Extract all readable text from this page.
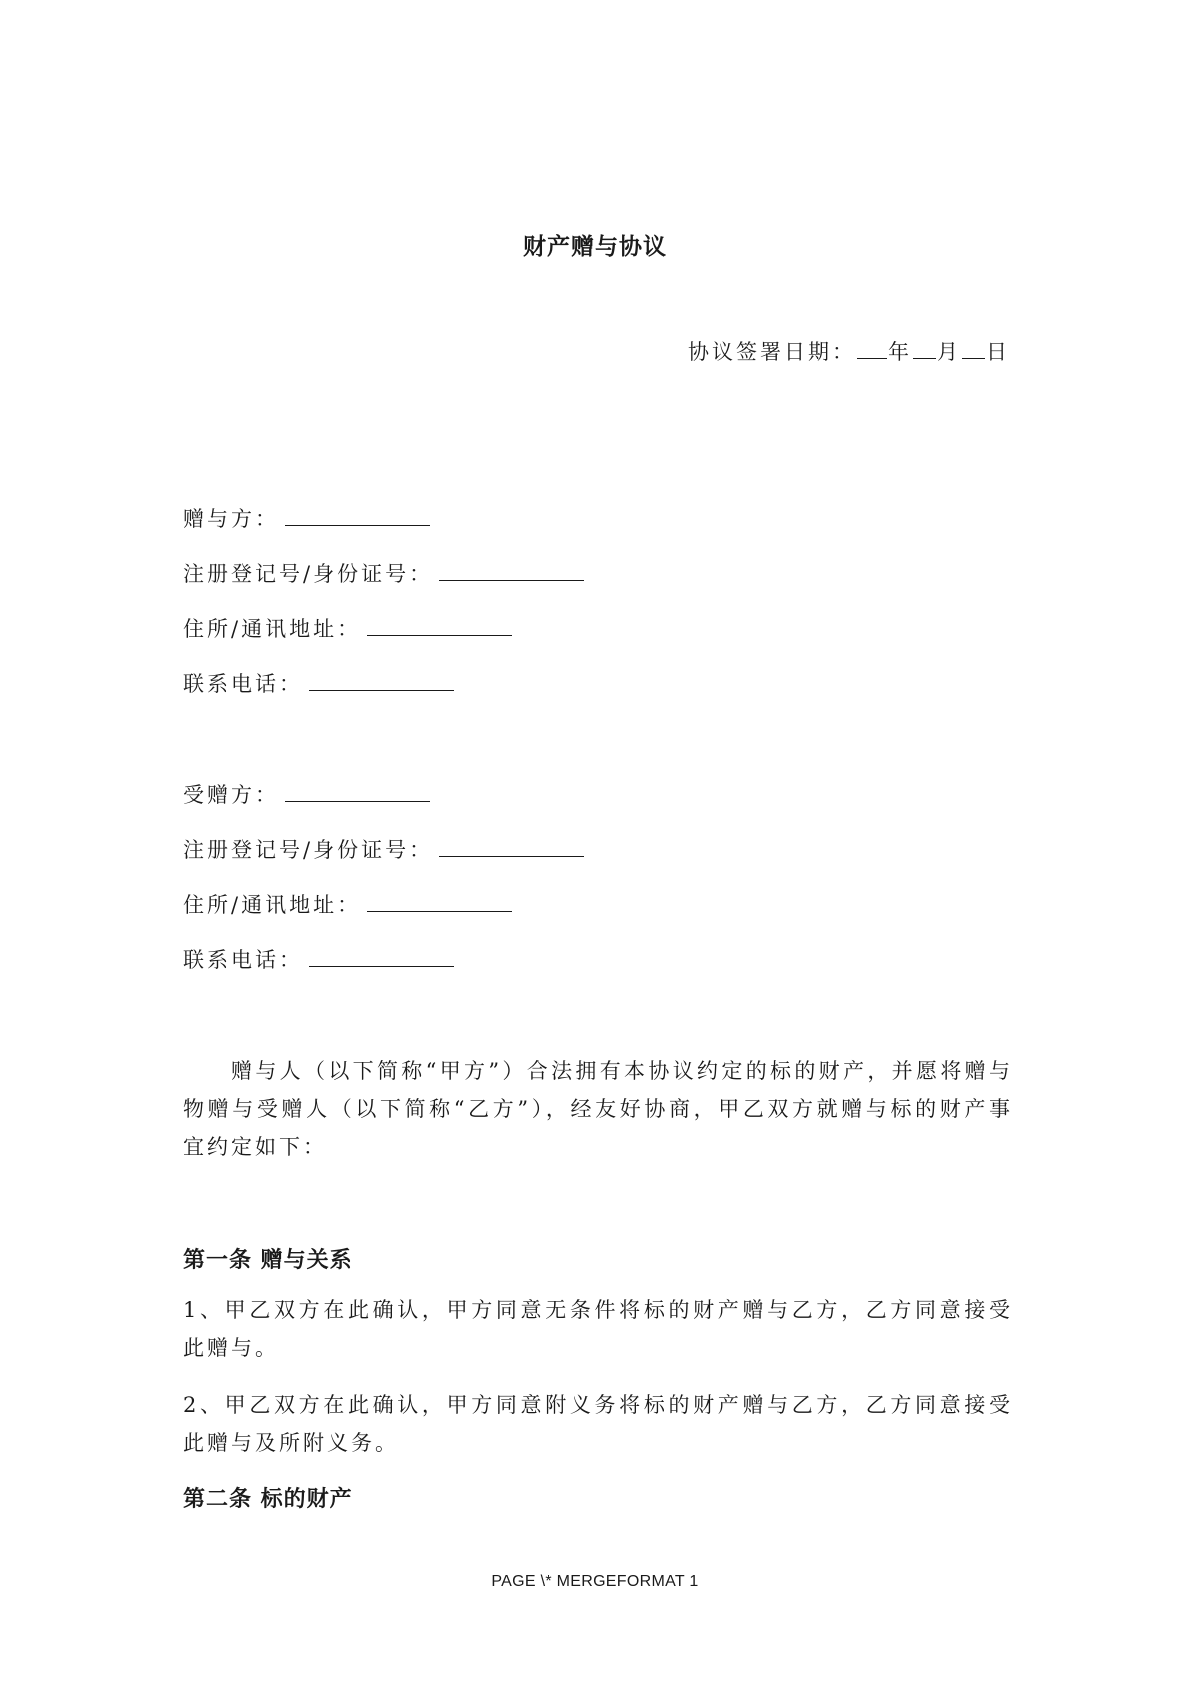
财产赠与协议
协议签署日期： 年 月 日
赠与方：
注册登记号/身份证号：
住所/通讯地址：
联系电话：
受赠方：
注册登记号/身份证号：
住所/通讯地址：
联系电话：
赠与人（以下简称“甲方”）合法拥有本协议约定的标的财产，并愿将赠与物赠与受赠人（以下简称“乙方”），经友好协商，甲乙双方就赠与标的财产事宜约定如下：
第一条 赠与关系
1、甲乙双方在此确认，甲方同意无条件将标的财产赠与乙方，乙方同意接受此赠与。
2、甲乙双方在此确认，甲方同意附义务将标的财产赠与乙方，乙方同意接受此赠与及所附义务。
第二条 标的财产
PAGE \* MERGEFORMAT 1
